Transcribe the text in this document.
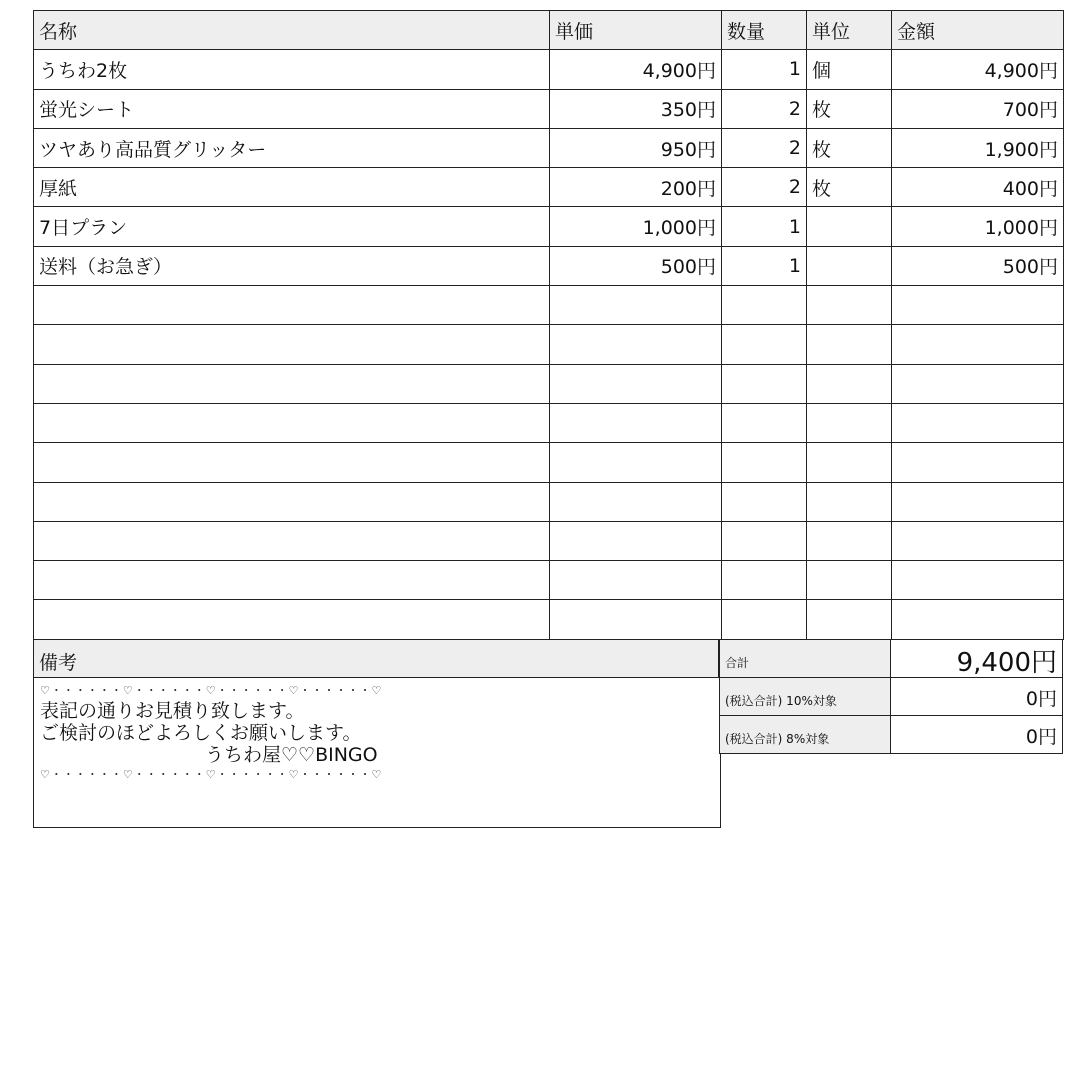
名称	単価	数量	単位	金額
うちわ2枚	4,900円	1	個	4,900円
蛍光シート	350円	2	枚	700円
ツヤあり高品質グリッター	950円	2	枚	1,900円
厚紙	200円	2	枚	400円
7日プラン	1,000円	1		1,000円
送料（お急ぎ）	500円	1		500円

備考
♡・・・・・・♡・・・・・・♡・・・・・・♡・・・・・・♡
表記の通りお見積り致します。
ご検討のほどよろしくお願いします。
うちわ屋♡♡BINGO
♡・・・・・・♡・・・・・・♡・・・・・・♡・・・・・・♡
合計	9,400円
(税込合計) 10%対象	0円
(税込合計) 8%対象	0円
